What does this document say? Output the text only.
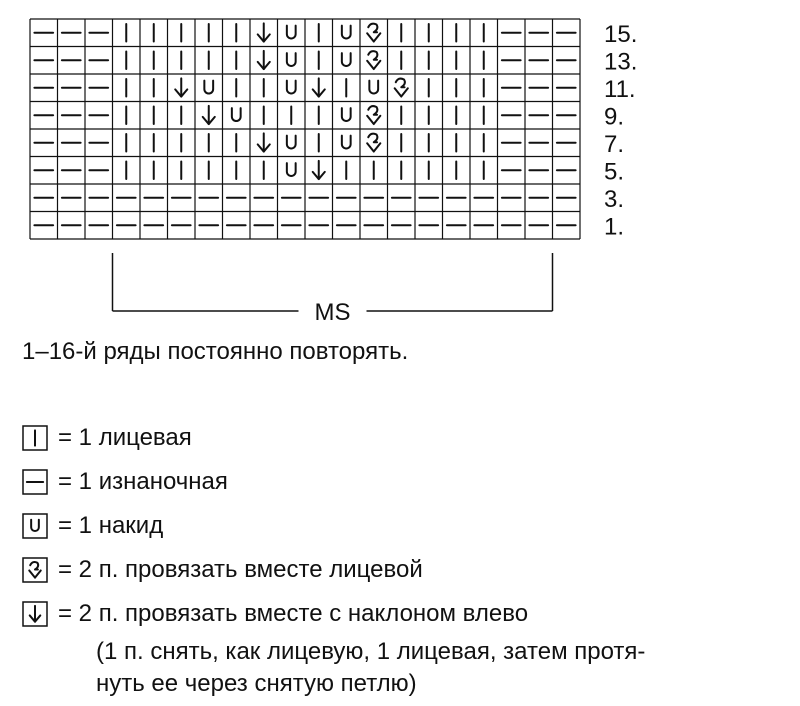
15.
13.
11.
9.
7.
5.
3.
1.
MS
1–16-й ряды постоянно повторять.
= 1 лицевая
= 1 изнаночная
= 1 накид
= 2 п. провязать вместе лицевой
= 2 п. провязать вместе с наклоном влево
(1 п. снять, как лицевую, 1 лицевая, затем протя-
нуть ее через снятую петлю)
